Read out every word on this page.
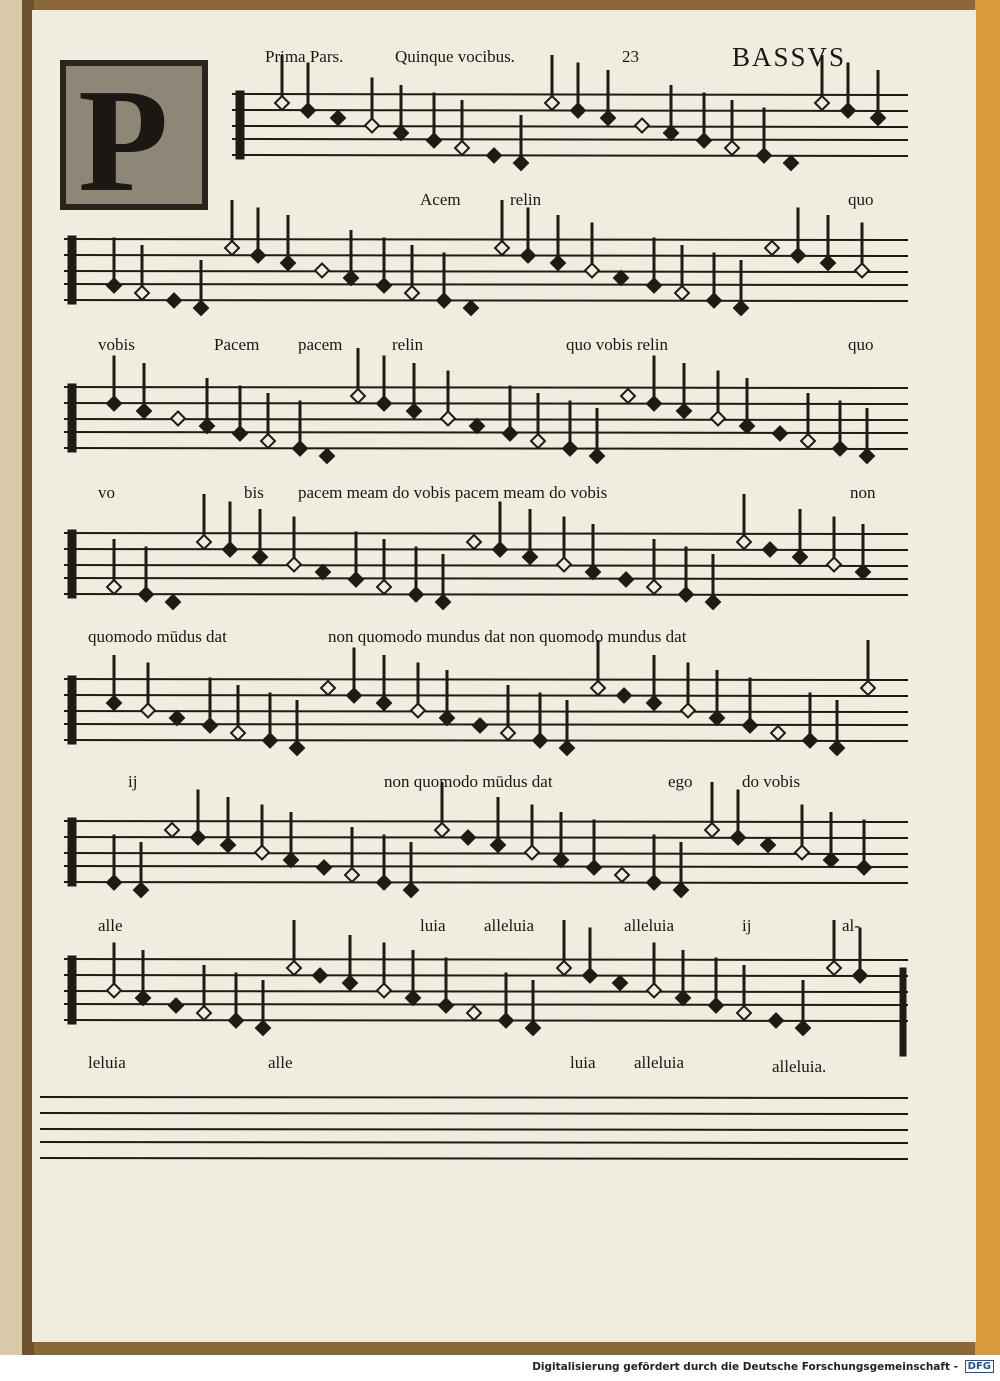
P
Prima Pars.	Quinque vocibus.	23	BASSVS
Acem	relin	quo
vobis	Pacem pacem	relin	quo vobis relin	quo
vo	bis pacem meam do vobis pacem meam do vobis	non
quomodo mūdus dat	non quomodo mundus dat non quomodo mundus dat
ij	non quomodo mūdus dat	ego	do vobis
alle	luia alleluia	alleluia	ij	al-
leluia	alle	luia alleluia	alleluia.
Digitalisierung gefördert durch die Deutsche Forschungsgemeinschaft - DFG
